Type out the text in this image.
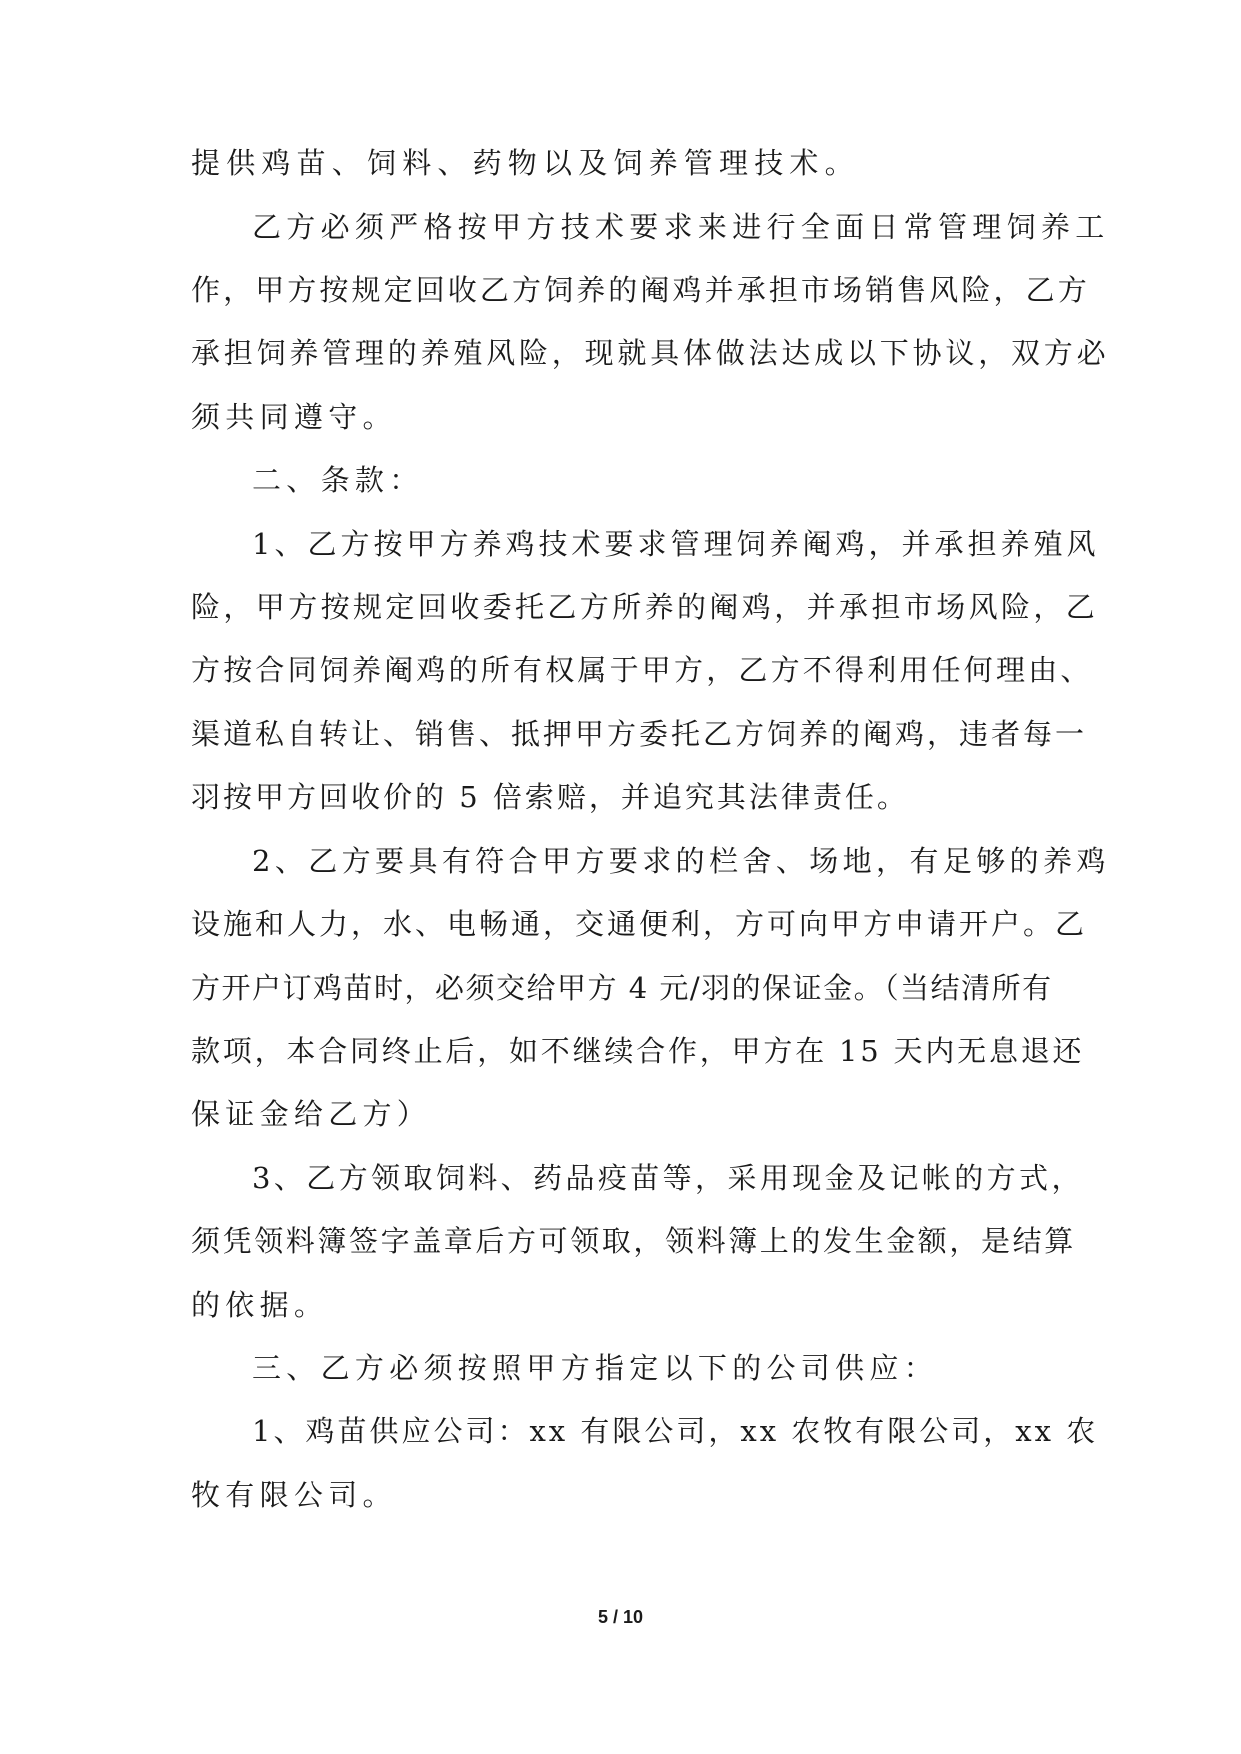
提供鸡苗、饲料、药物以及饲养管理技术。
乙方必须严格按甲方技术要求来进行全面日常管理饲养工
作，甲方按规定回收乙方饲养的阉鸡并承担市场销售风险，乙方
承担饲养管理的养殖风险，现就具体做法达成以下协议，双方必
须共同遵守。
二、条款：
1、乙方按甲方养鸡技术要求管理饲养阉鸡，并承担养殖风
险，甲方按规定回收委托乙方所养的阉鸡，并承担市场风险，乙
方按合同饲养阉鸡的所有权属于甲方，乙方不得利用任何理由、
渠道私自转让、销售、抵押甲方委托乙方饲养的阉鸡，违者每一
羽按甲方回收价的 5 倍索赔，并追究其法律责任。
2、乙方要具有符合甲方要求的栏舍、场地，有足够的养鸡
设施和人力，水、电畅通，交通便利，方可向甲方申请开户。乙
方开户订鸡苗时，必须交给甲方 4 元/羽的保证金。（当结清所有
款项，本合同终止后，如不继续合作，甲方在 15 天内无息退还
保证金给乙方）
3、乙方领取饲料、药品疫苗等，采用现金及记帐的方式，
须凭领料簿签字盖章后方可领取，领料簿上的发生金额，是结算
的依据。
三、乙方必须按照甲方指定以下的公司供应：
1、鸡苗供应公司：xx 有限公司，xx 农牧有限公司，xx 农
牧有限公司。
5 / 10
